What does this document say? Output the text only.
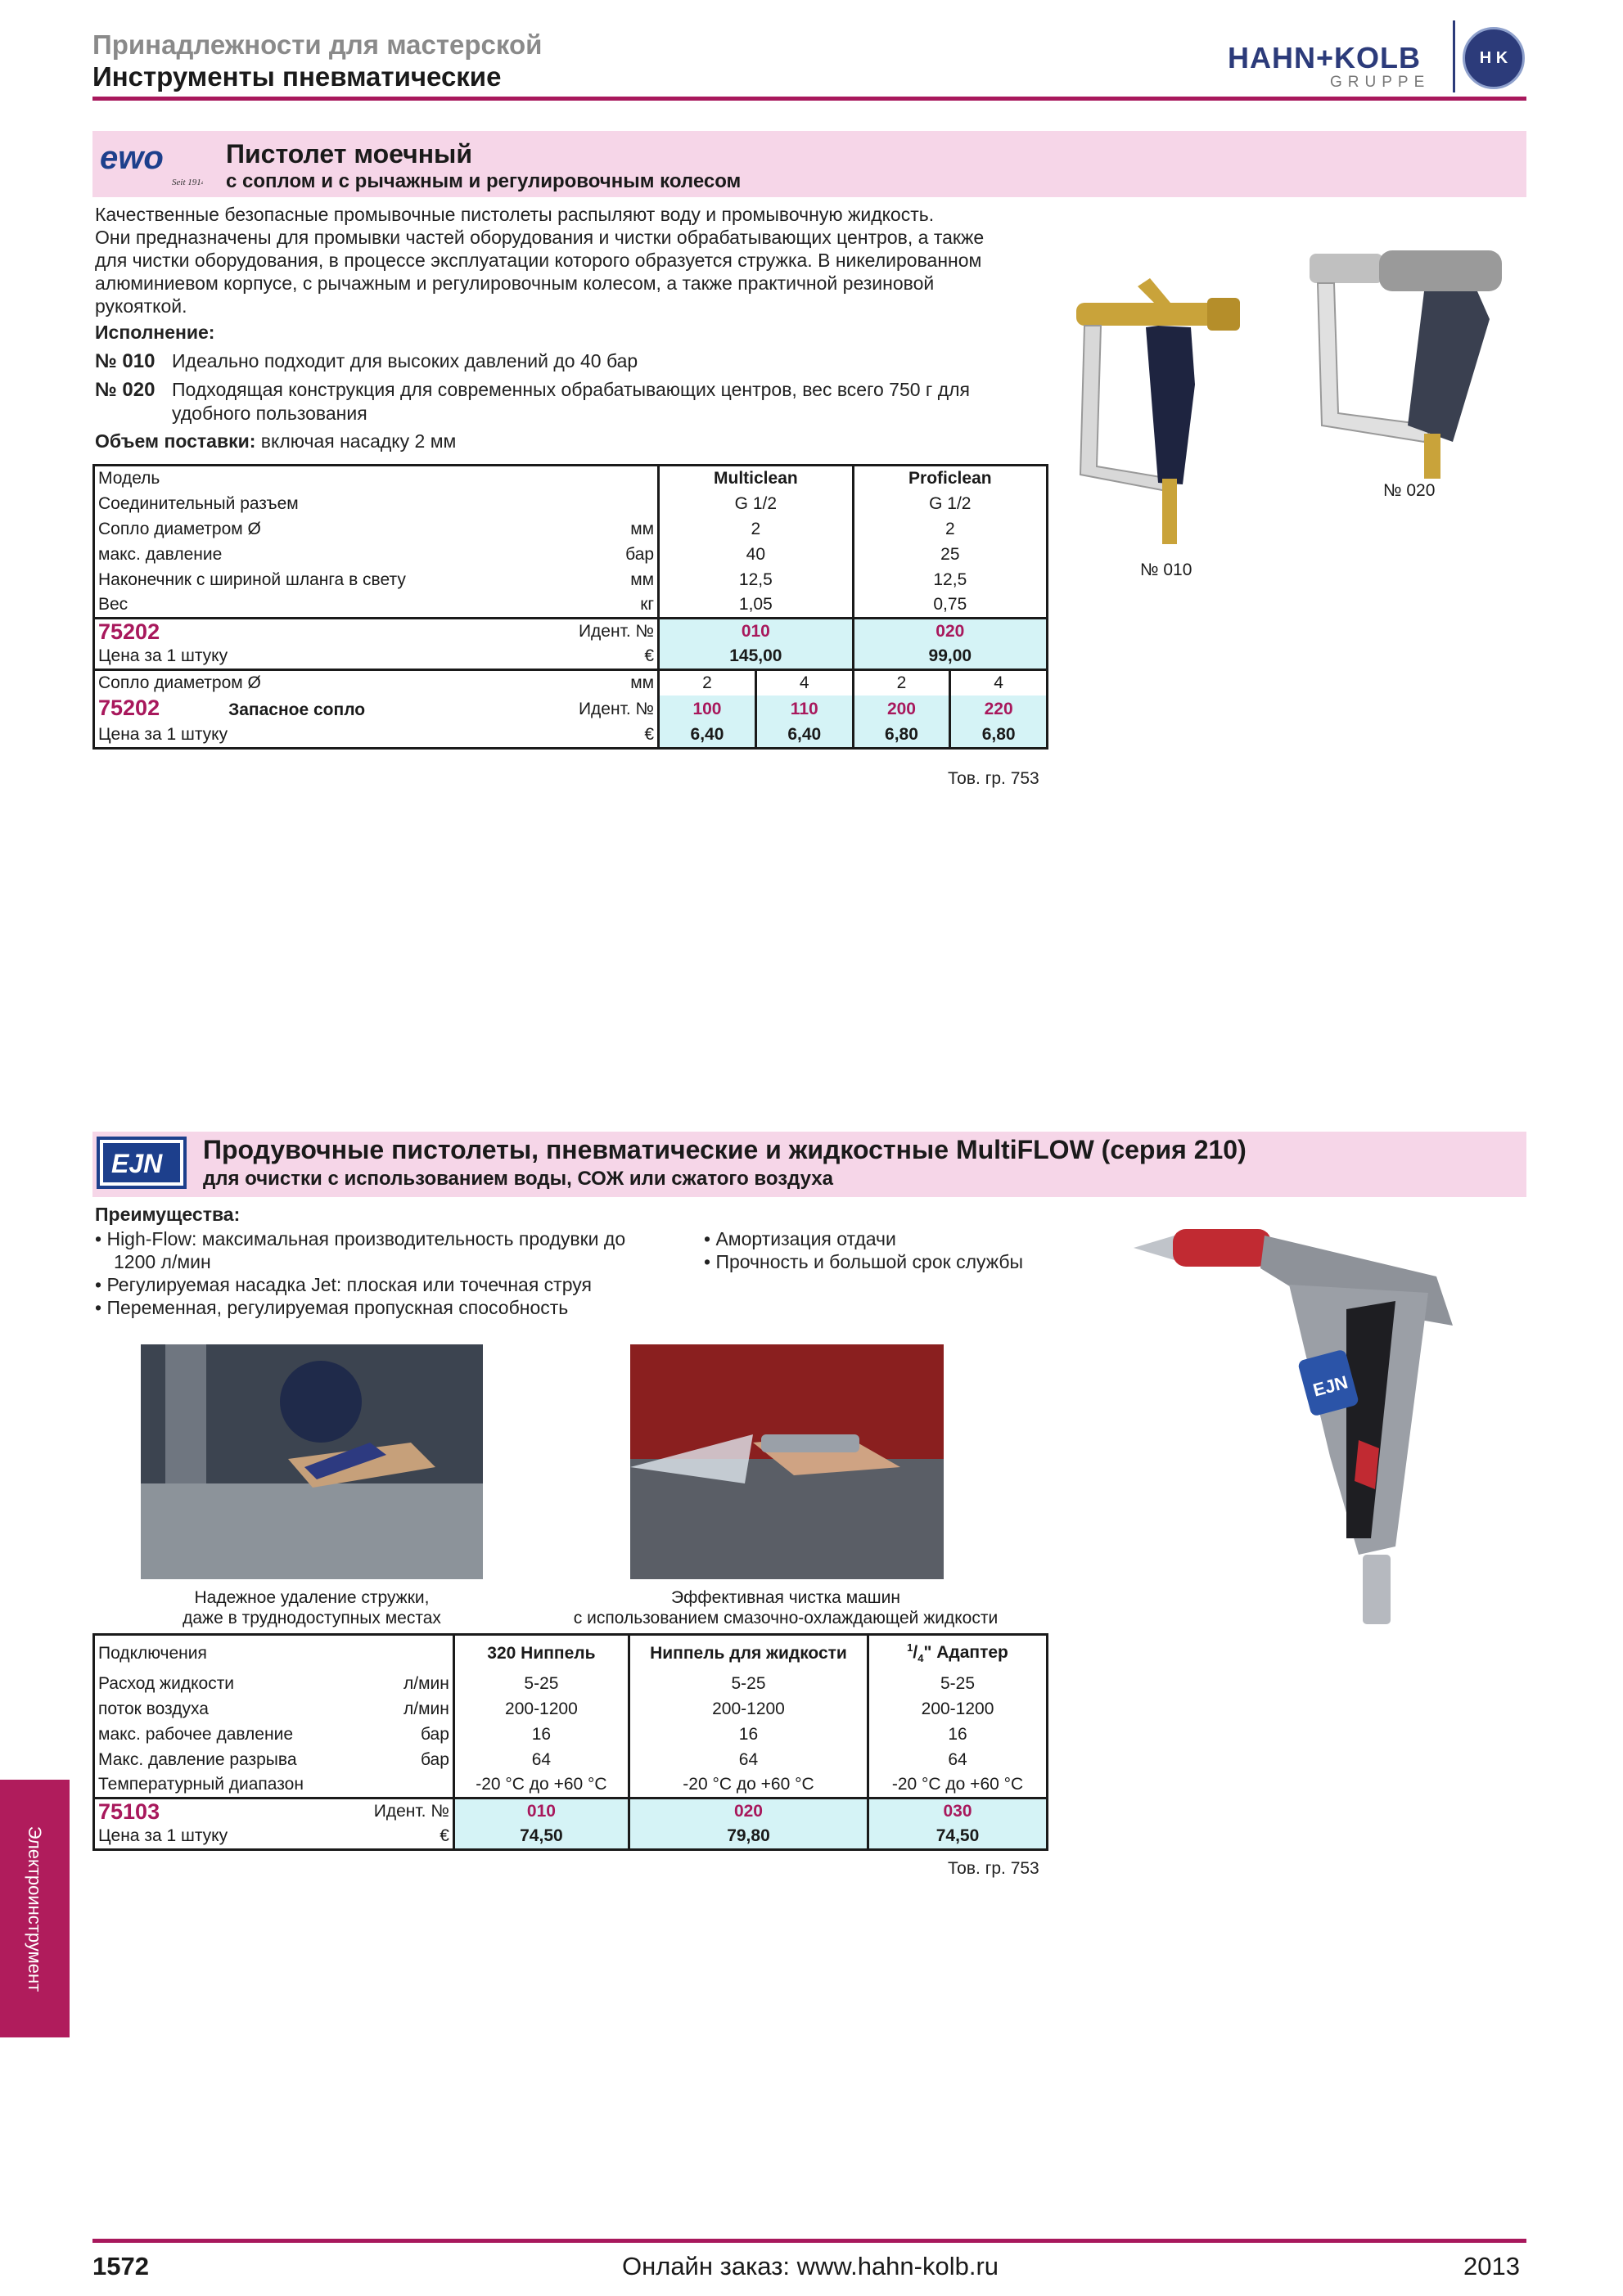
Принадлежности для мастерской
Инструменты пневматические
HAHN+KOLB
GRUPPE
H K
ewo
Seit 1914
Пистолет моечный
с соплом и с рычажным и регулировочным колесом
Качественные безопасные промывочные пистолеты распыляют воду и промывочную жидкость.
Они предназначены для промывки частей оборудования и чистки обрабатывающих центров, а также
для чистки оборудования, в процессе эксплуатации которого образуется стружка. В никелированном
алюминиевом корпусе, с рычажным и регулировочным колесом, а также практичной резиновой
рукояткой.
Исполнение:
№ 010 Идеально подходит для высоких давлений до 40 бар
№ 020 Подходящая конструкция для современных обрабатывающих центров, вес всего 750 г для
удобного пользования
Объем поставки: включая насадку 2 мм
Модель		Multiclean		Proficlean	
Соединительный разъем		G 1/2		G 1/2	
Сопло диаметром Ø	мм	2		2	
макс. давление	бар	40		25	
Наконечник с шириной шланга в свету	мм	12,5		12,5	
Вес	кг	1,05		0,75	
75202	Идент. №	010		020	
Цена за 1 штуку	€	145,00		99,00	
Сопло диаметром Ø	мм	2	4	2	4
75202 Запасное сопло	Идент. №	100	110	200	220
Цена за 1 штуку	€	6,40	6,40	6,80	6,80
Тов. гр. 753
№ 010
№ 020
EJN Продувочные пистолеты, пневматические и жидкостные MultiFLOW (серия 210)
для очистки с использованием воды, СОЖ или сжатого воздуха
Преимущества:
• High-Flow: максимальная производительность продувки до
1200 л/мин
• Регулируемая насадка Jet: плоская или точечная струя
• Переменная, регулируемая пропускная способность
• Амортизация отдачи
• Прочность и большой срок службы
Надежное удаление стружки,
даже в труднодоступных местах
Эффективная чистка машин
с использованием смазочно-охлаждающей жидкости
EJN
Подключения		320 Ниппель	Ниппель для жидкости	$^1/_4$" Адаптер
Расход жидкости	л/мин	5-25	5-25	5-25
поток воздуха	л/мин	200-1200	200-1200	200-1200
макс. рабочее давление	бар	16	16	16
Макс. давление разрыва	бар	64	64	64
Температурный диапазон		-20 °C до +60 °C	-20 °C до +60 °C	-20 °C до +60 °C
75103	Идент. №	010	020	030
Цена за 1 штуку	€	74,50	79,80	74,50
Тов. гр. 753
Электроинструмент
1572	Онлайн заказ: www.hahn-kolb.ru	2013
